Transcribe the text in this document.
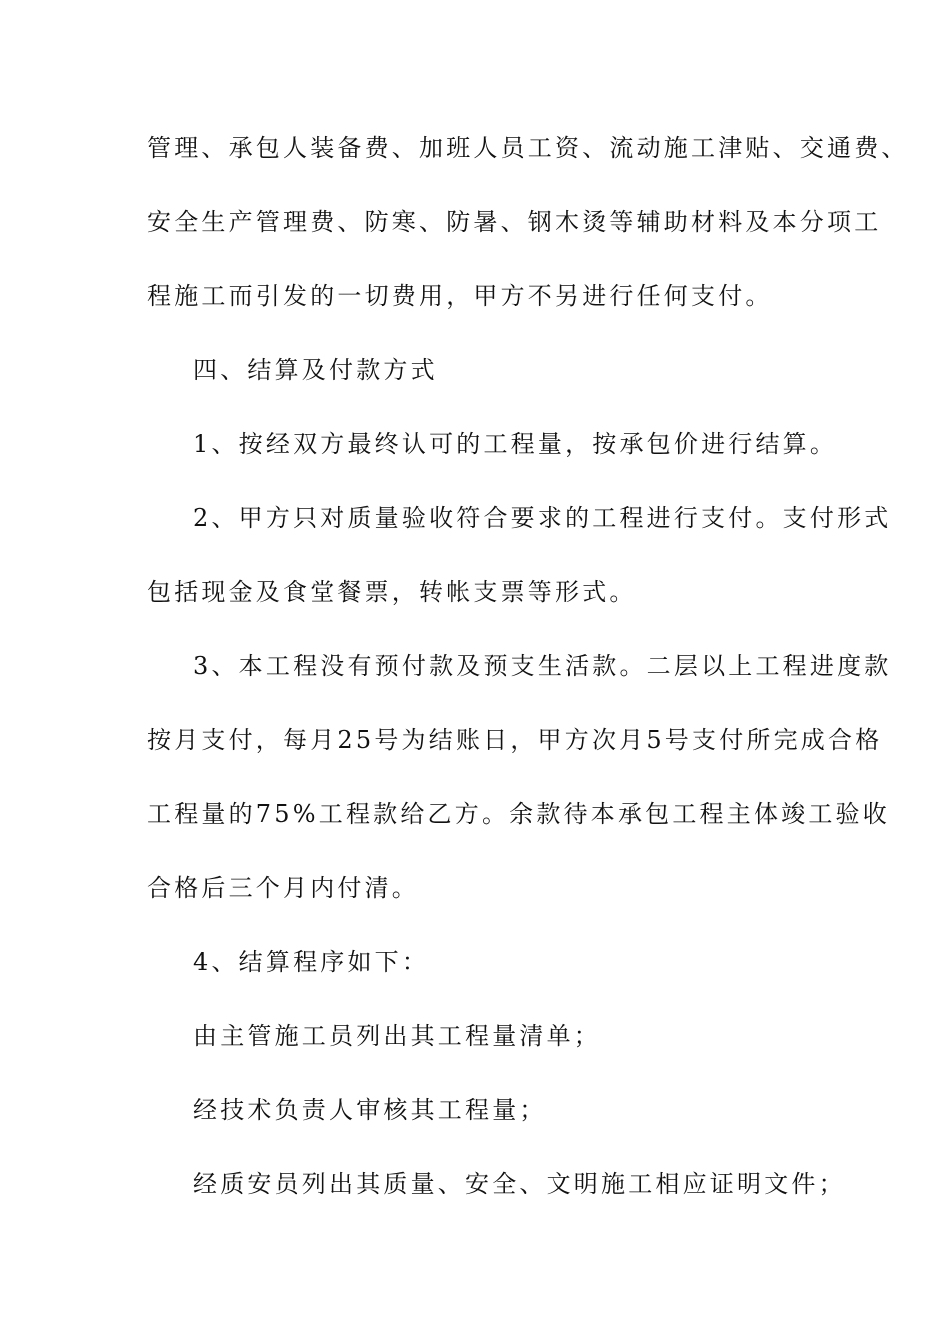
管理、承包人装备费、加班人员工资、流动施工津贴、交通费、
安全生产管理费、防寒、防暑、钢木烫等辅助材料及本分项工
程施工而引发的一切费用，甲方不另进行任何支付。
四、结算及付款方式
1、按经双方最终认可的工程量，按承包价进行结算。
2、甲方只对质量验收符合要求的工程进行支付。支付形式
包括现金及食堂餐票，转帐支票等形式。
3、本工程没有预付款及预支生活款。二层以上工程进度款
按月支付，每月25号为结账日，甲方次月5号支付所完成合格
工程量的75%工程款给乙方。余款待本承包工程主体竣工验收
合格后三个月内付清。
4、结算程序如下：
由主管施工员列出其工程量清单；
经技术负责人审核其工程量；
经质安员列出其质量、安全、文明施工相应证明文件；
